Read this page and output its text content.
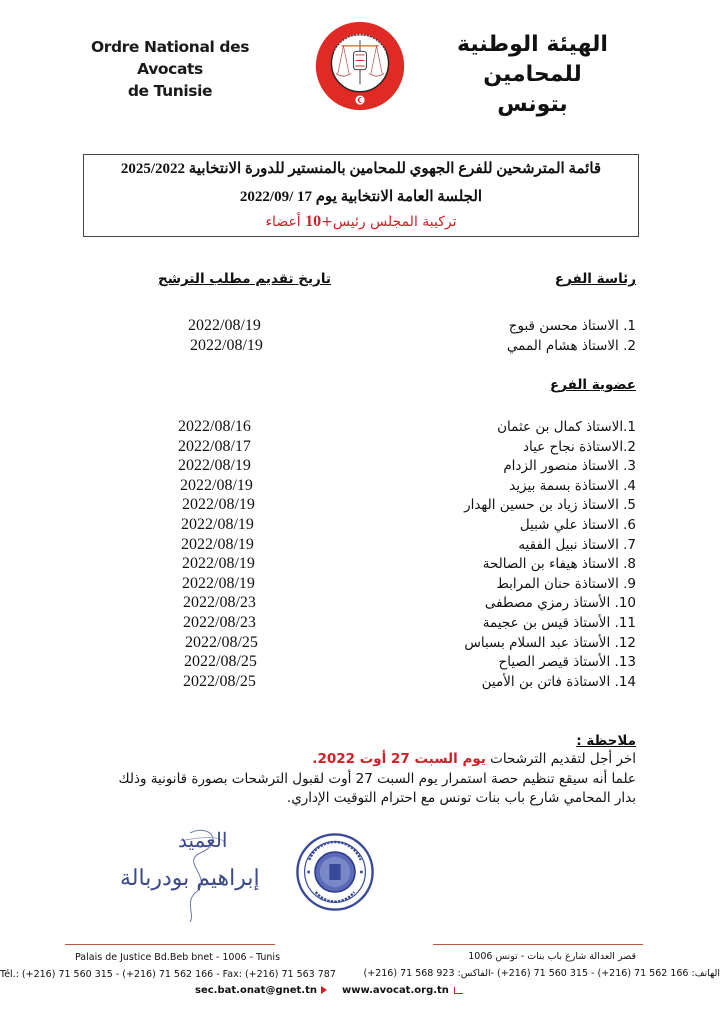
Ordre National des Avocats
de Tunisie
الهيئة الوطنية للمحامين
بتونس
قائمة المترشحين للفرع الجهوي للمحامين بالمنستير للدورة الانتخابية 2025/2022
الجلسة العامة الانتخابية يوم 17 /2022/09
تركيبة المجلس رئيس+10 أعضاء
رئاسة الفرع
تاريخ تقديم مطلب الترشح
1. الاستاذ محسن قبوج
2022/08/19
2. الاستاذ هشام الممي
2022/08/19
عضوية الفرع
1.الاستاذ كمال بن عثمان
2022/08/16
2.الاستاذة نجاح عياد
2022/08/17
3. الاستاذ منصور الزدام
2022/08/19
4. الاستاذة بسمة بيزيد
2022/08/19
5. الاستاذ زياد بن حسين الهدار
2022/08/19
6. الاستاذ علي شبيل
2022/08/19
7. الاستاذ نبيل الفقيه
2022/08/19
8. الاستاذ هيفاء بن الصالحة
2022/08/19
9. الاستاذة حنان المرابط
2022/08/19
10. الأستاذ رمزي مصطفى
2022/08/23
11. الأستاذ قيس بن عجيمة
2022/08/23
12. الأستاذ عبد السلام بسباس
2022/08/25
13. الأستاذ قيصر الصياح
2022/08/25
14. الاستاذة فاتن بن الأمين
2022/08/25
ملاحظة :
اخر أجل لتقديم الترشحات يوم السبت 27 أوت 2022.
علما أنه سيقع تنظيم حصة استمرار يوم السبت 27 أوت لقبول الترشحات بصورة قانونية وذلك
بدار المحامي شارع باب بنات تونس مع احترام التوقيت الإداري.
العميد
إبراهيم بودربالة
Palais de Justice Bd.Beb bnet - 1006 - Tunis
Tél.: (+216) 71 560 315 - (+216) 71 562 166 - Fax: (+216) 71 563 787
sec.bat.onat@gnet.tn
قصر العدالة شارع باب بنات - تونس 1006
الهاتف: 166 562 71 (216+) - 315 560 71 (216+) -الفاكس: 923 568 71 (216+)
www.avocat.org.tn
